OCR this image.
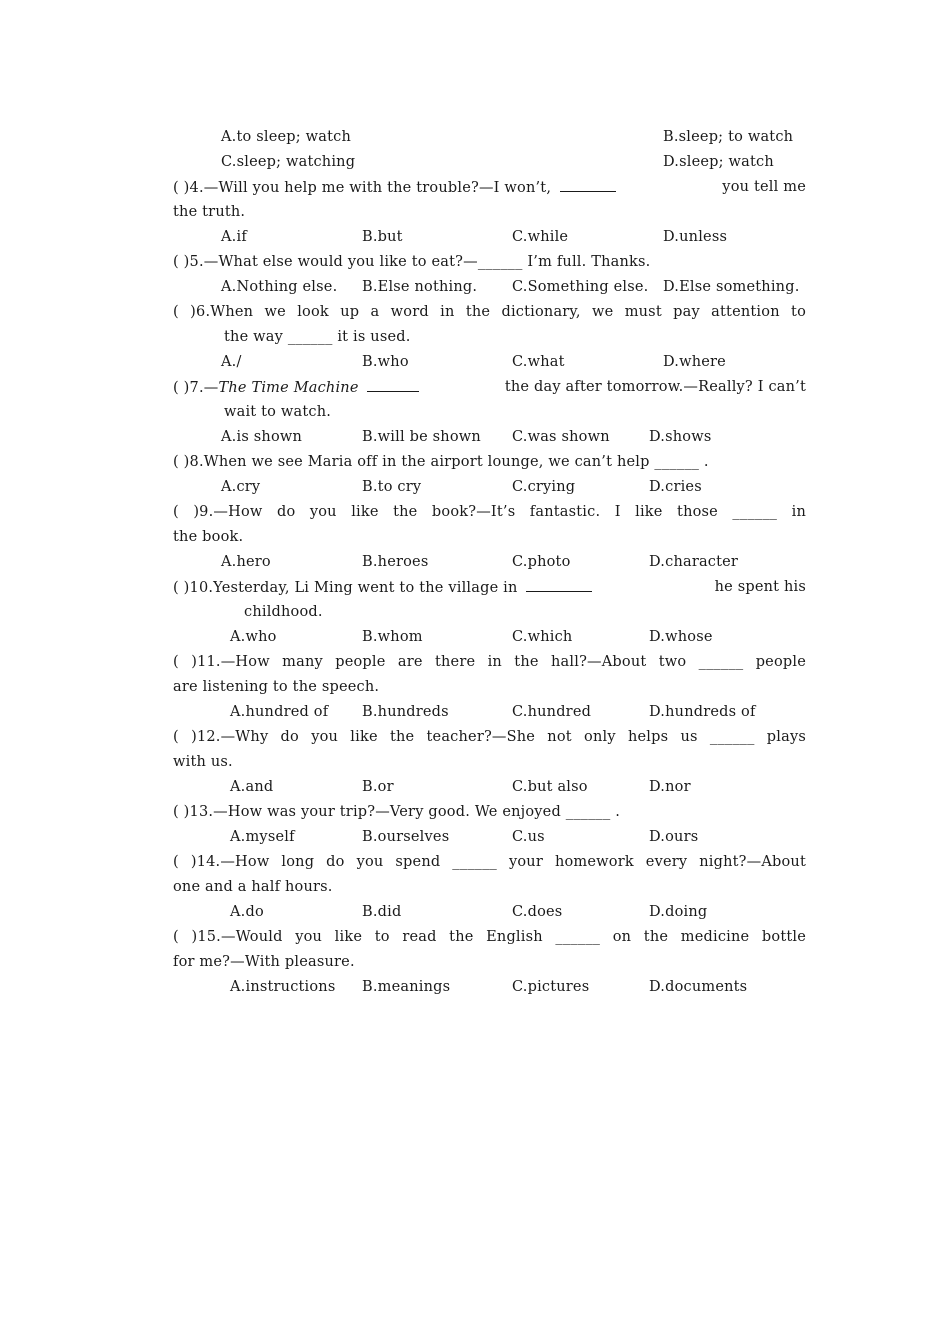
A.to sleep; watch	B.sleep; to watch
C.sleep; watching	D.sleep; watch
( )4.—Will you help me with the trouble?—I won’t,	you tell me
the truth.
A.if	B.but	C.while	D.unless
( )5.—What else would you like to eat?—______ I’m full. Thanks.
A.Nothing else. B.Else nothing. C.Something else. D.Else something.
( )6.When we look up a word in the dictionary, we must pay attention to
the way ______ it is used.
A./	B.who	C.what	D.where
( )7.—The Time Machine	the day after tomorrow.—Really? I can’t
wait to watch.
A.is shown	B.will be shown C.was shown	D.shows
( )8.When we see Maria off in the airport lounge, we can’t help ______ .
A.cry	B.to cry	C.crying	D.cries
( )9.—How do you like the book?—It’s fantastic. I like those ______ in
the book.
A.hero	B.heroes	C.photo	D.character
( )10.Yesterday, Li Ming went to the village in	he spent his
childhood.
A.who	B.whom	C.which	D.whose
( )11.—How many people are there in the hall?—About two ______ people
are listening to the speech.
A.hundred of B.hundreds	C.hundred	D.hundreds of
( )12.—Why do you like the teacher?—She not only helps us ______ plays
with us.
A.and	B.or	C.but also	D.nor
( )13.—How was your trip?—Very good. We enjoyed ______ .
A.myself	B.ourselves	C.us	D.ours
( )14.—How long do you spend ______ your homework every night?—About
one and a half hours.
A.do	B.did	C.does	D.doing
( )15.—Would you like to read the English ______ on the medicine bottle
for me?—With pleasure.
A.instructions B.meanings	C.pictures	D.documents
